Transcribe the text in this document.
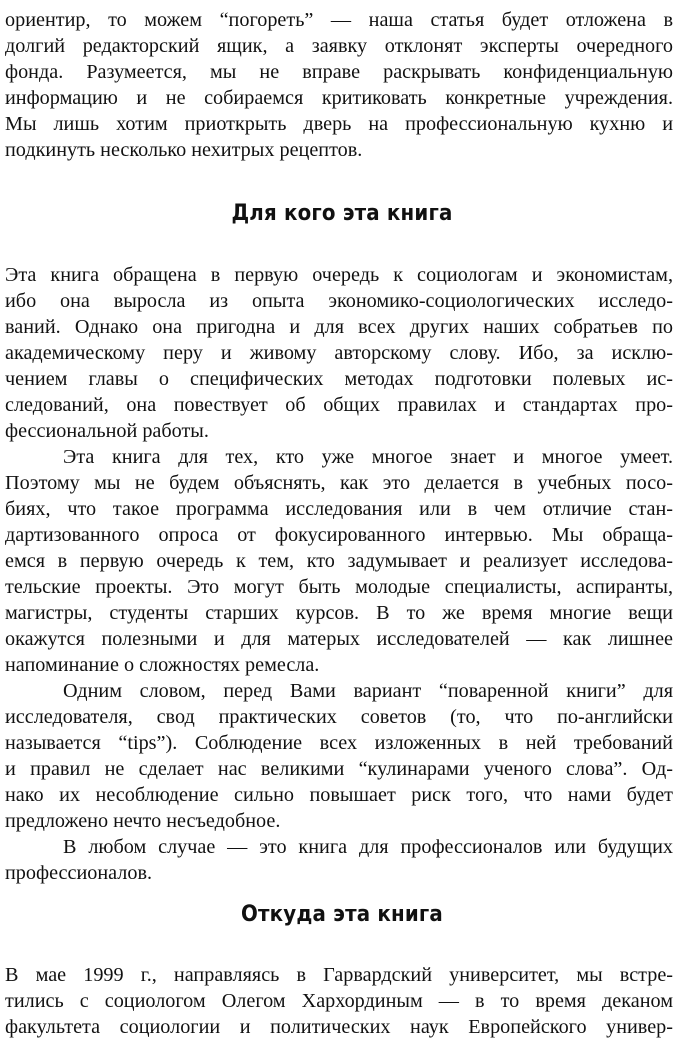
ориентир, то можем “погореть” — наша статья будет отложена в
долгий редакторский ящик, а заявку отклонят эксперты очередного
фонда. Разумеется, мы не вправе раскрывать конфиденциальную
информацию и не собираемся критиковать конкретные учреждения.
Мы лишь хотим приоткрыть дверь на профессиональную кухню и
подкинуть несколько нехитрых рецептов.
Для кого эта книга
Эта книга обращена в первую очередь к социологам и экономистам,
ибо она выросла из опыта экономико-социологических исследо-
ваний. Однако она пригодна и для всех других наших собратьев по
академическому перу и живому авторскому слову. Ибо, за исклю-
чением главы о специфических методах подготовки полевых ис-
следований, она повествует об общих правилах и стандартах про-
фессиональной работы.
Эта книга для тех, кто уже многое знает и многое умеет.
Поэтому мы не будем объяснять, как это делается в учебных посо-
биях, что такое программа исследования или в чем отличие стан-
дартизованного опроса от фокусированного интервью. Мы обраща-
емся в первую очередь к тем, кто задумывает и реализует исследова-
тельские проекты. Это могут быть молодые специалисты, аспиранты,
магистры, студенты старших курсов. В то же время многие вещи
окажутся полезными и для матерых исследователей — как лишнее
напоминание о сложностях ремесла.
Одним словом, перед Вами вариант “поваренной книги” для
исследователя, свод практических советов (то, что по-английски
называется “tips”). Соблюдение всех изложенных в ней требований
и правил не сделает нас великими “кулинарами ученого слова”. Од-
нако их несоблюдение сильно повышает риск того, что нами будет
предложено нечто несъедобное.
В любом случае — это книга для профессионалов или будущих
профессионалов.
Откуда эта книга
В мае 1999 г., направляясь в Гарвардский университет, мы встре-
тились с социологом Олегом Хархординым — в то время деканом
факультета социологии и политических наук Европейского универ-
